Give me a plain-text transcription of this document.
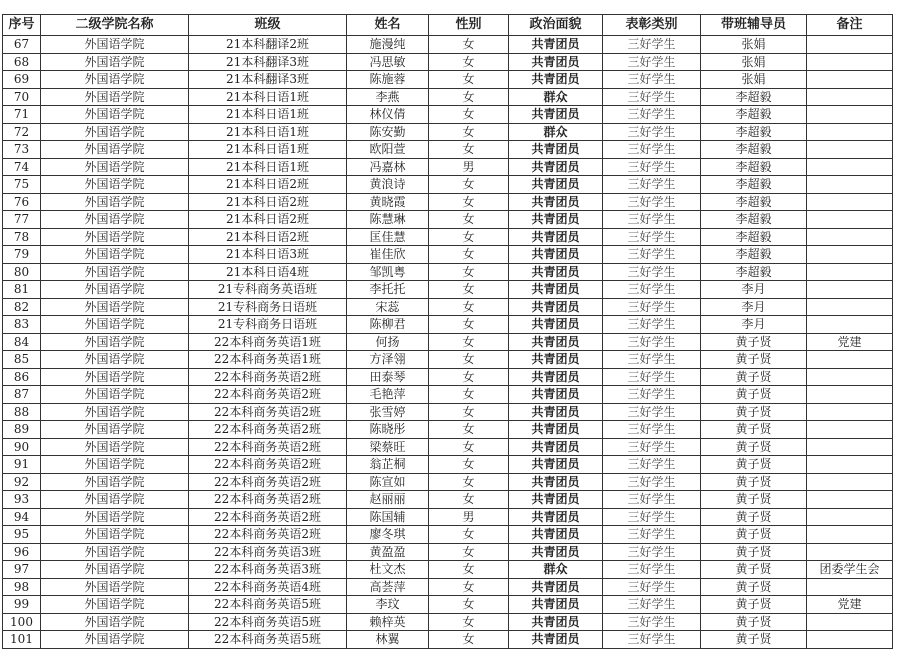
序号	二级学院名称	班级	姓名	性别	政治面貌	表彰类别	带班辅导员	备注
67	外国语学院	21本科翻译2班	施漫纯	女	共青团员	三好学生	张娟	
68	外国语学院	21本科翻译3班	冯思敏	女	共青团员	三好学生	张娟	
69	外国语学院	21本科翻译3班	陈施蓉	女	共青团员	三好学生	张娟	
70	外国语学院	21本科日语1班	李燕	女	群众	三好学生	李超毅	
71	外国语学院	21本科日语1班	林仪倩	女	共青团员	三好学生	李超毅	
72	外国语学院	21本科日语1班	陈安勤	女	群众	三好学生	李超毅	
73	外国语学院	21本科日语1班	欧阳萱	女	共青团员	三好学生	李超毅	
74	外国语学院	21本科日语1班	冯嘉林	男	共青团员	三好学生	李超毅	
75	外国语学院	21本科日语2班	黄浪诗	女	共青团员	三好学生	李超毅	
76	外国语学院	21本科日语2班	黄晓霞	女	共青团员	三好学生	李超毅	
77	外国语学院	21本科日语2班	陈慧琳	女	共青团员	三好学生	李超毅	
78	外国语学院	21本科日语2班	匡佳慧	女	共青团员	三好学生	李超毅	
79	外国语学院	21本科日语3班	崔佳欣	女	共青团员	三好学生	李超毅	
80	外国语学院	21本科日语4班	邹凯粤	女	共青团员	三好学生	李超毅	
81	外国语学院	21专科商务英语班	李托托	女	共青团员	三好学生	李月	
82	外国语学院	21专科商务日语班	宋蕊	女	共青团员	三好学生	李月	
83	外国语学院	21专科商务日语班	陈柳君	女	共青团员	三好学生	李月	
84	外国语学院	22本科商务英语1班	何扬	女	共青团员	三好学生	黄子贤	党建
85	外国语学院	22本科商务英语1班	方泽翎	女	共青团员	三好学生	黄子贤	
86	外国语学院	22本科商务英语2班	田泰琴	女	共青团员	三好学生	黄子贤	
87	外国语学院	22本科商务英语2班	毛艳萍	女	共青团员	三好学生	黄子贤	
88	外国语学院	22本科商务英语2班	张雪婷	女	共青团员	三好学生	黄子贤	
89	外国语学院	22本科商务英语2班	陈晓彤	女	共青团员	三好学生	黄子贤	
90	外国语学院	22本科商务英语2班	梁蔡旺	女	共青团员	三好学生	黄子贤	
91	外国语学院	22本科商务英语2班	翁芷桐	女	共青团员	三好学生	黄子贤	
92	外国语学院	22本科商务英语2班	陈宣如	女	共青团员	三好学生	黄子贤	
93	外国语学院	22本科商务英语2班	赵丽丽	女	共青团员	三好学生	黄子贤	
94	外国语学院	22本科商务英语2班	陈国辅	男	共青团员	三好学生	黄子贤	
95	外国语学院	22本科商务英语2班	廖冬琪	女	共青团员	三好学生	黄子贤	
96	外国语学院	22本科商务英语3班	黄盈盈	女	共青团员	三好学生	黄子贤	
97	外国语学院	22本科商务英语3班	杜文杰	女	群众	三好学生	黄子贤	团委学生会
98	外国语学院	22本科商务英语4班	高荟萍	女	共青团员	三好学生	黄子贤	
99	外国语学院	22本科商务英语5班	李玟	女	共青团员	三好学生	黄子贤	党建
100	外国语学院	22本科商务英语5班	赖梓英	女	共青团员	三好学生	黄子贤	
101	外国语学院	22本科商务英语5班	林翼	女	共青团员	三好学生	黄子贤	
